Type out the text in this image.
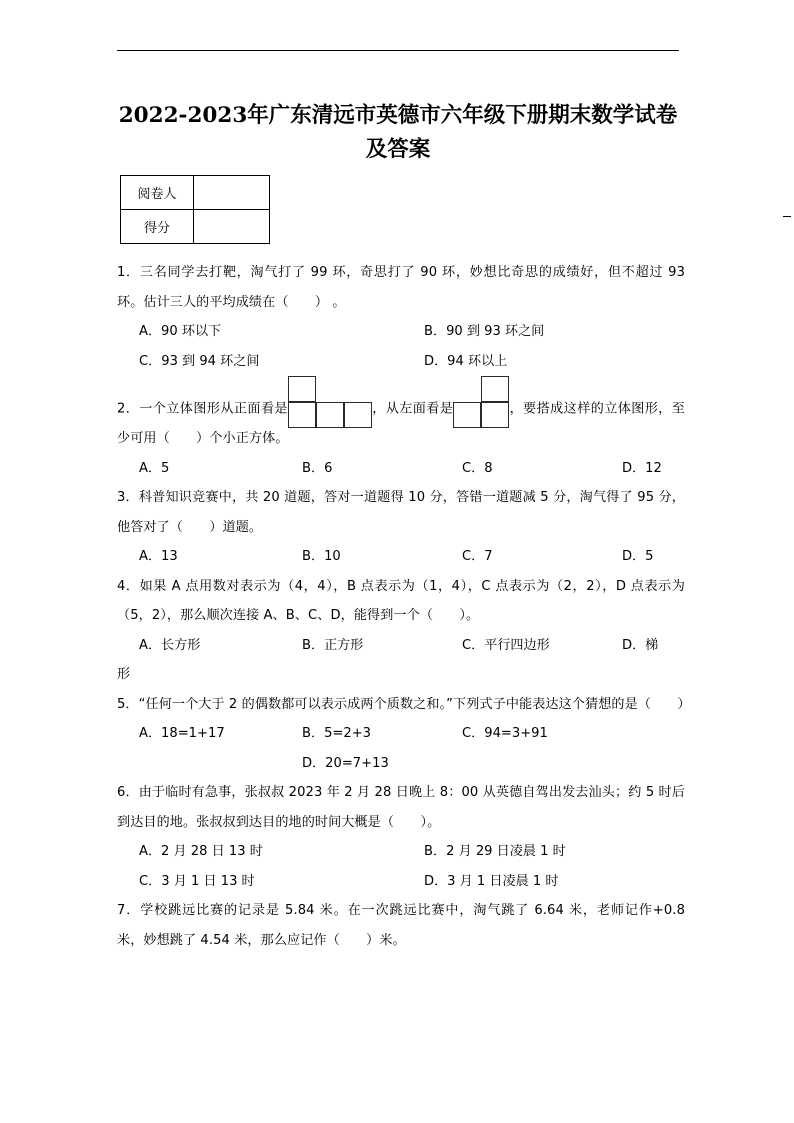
2022-2023年广东清远市英德市六年级下册期末数学试卷及答案
阅卷人	
得分	
1．三名同学去打靶，淘气打了 99 环，奇思打了 90 环，妙想比奇思的成绩好，但不超过 93 环。估计三人的平均成绩在（　　） 。
A．90 环以下	B．90 到 93 环之间
C．93 到 94 环之间	D．94 环以上
2．一个立体图形从正面看是	，从左面看是	，要搭成这样的立体图形，至少可用（　　）个小正方体。
A．5	B．6	C．8	D．12
3．科普知识竞赛中，共 20 道题，答对一道题得 10 分，答错一道题减 5 分，淘气得了 95 分，他答对了（　　）道题。
A．13	B．10	C．7	D．5
4．如果 A 点用数对表示为（4，4），B 点表示为（1，4），C 点表示为（2，2），D 点表示为（5，2），那么顺次连接 A、B、C、D，能得到一个（　　）。
A．长方形	B．正方形	C．平行四边形	D．梯
形
5．“任何一个大于 2 的偶数都可以表示成两个质数之和。”下列式子中能表达这个猜想的是（　　）
A．18=1+17	B．5=2+3	C．94=3+91
D．20=7+13
6．由于临时有急事，张叔叔 2023 年 2 月 28 日晚上 8：00 从英德自驾出发去汕头；约 5 时后到达目的地。张叔叔到达目的地的时间大概是（　　）。
A．2 月 28 日 13 时	B．2 月 29 日凌晨 1 时
C．3 月 1 日 13 时	D．3 月 1 日凌晨 1 时
7．学校跳远比赛的记录是 5.84 米。在一次跳远比赛中，淘气跳了 6.64 米，老师记作+0.8 米，妙想跳了 4.54 米，那么应记作（　　）米。
